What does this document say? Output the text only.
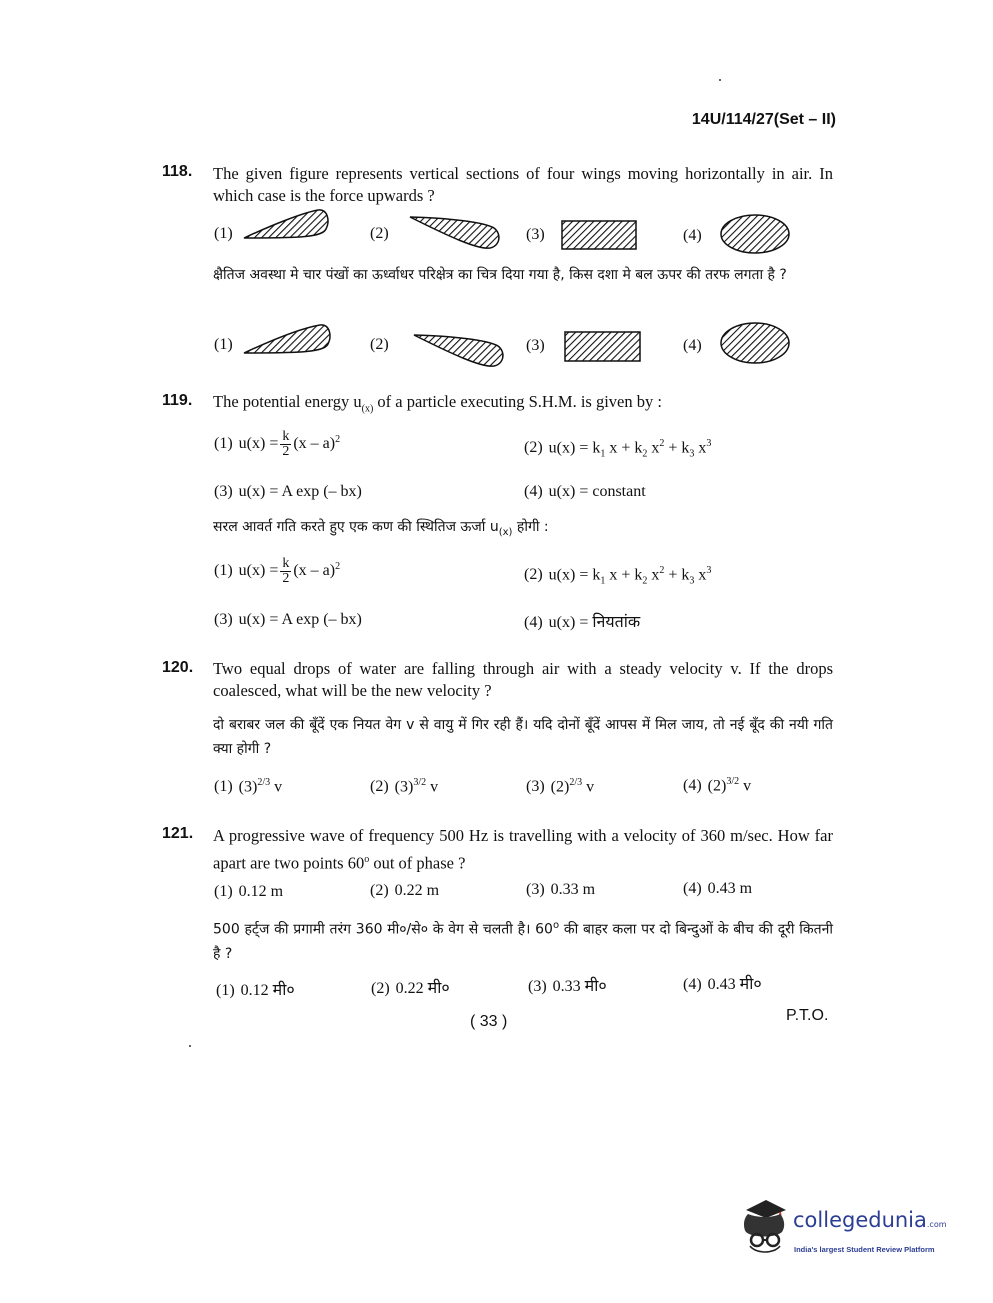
14U/114/27(Set – II)
118. The given figure represents vertical sections of four wings moving horizontally in air. In which case is the force upwards ?
(1)	(2)	(3)	(4)
क्षैतिज अवस्था मे चार पंखों का ऊर्ध्वाधर परिक्षेत्र का चित्र दिया गया है, किस दशा मे बल ऊपर की तरफ लगता है ?
(1)	(2)	(3)	(4)
119. The potential energy $u_{(x)}$ of a particle executing S.H.M. is given by :
(1) $u(x) = \frac{k}{2} (x - a)^2$	(2) $u(x) = k_1$ $x + k_2$ $x^2 + k_3$ $x^3$
(3) u(x) = A exp (– bx)	(4) u(x) = constant
सरल आवर्त गति करते हुए एक कण की स्थितिज ऊर्जा $u_{(x)}$ होगी :
(1) $u(x) = \frac{k}{2} (x - a)^2$	(2) $u(x) = k_1$ $x + k_2$ $x^2 + k_3$ $x^3$
(3) u(x) = A exp (– bx)	(4) u(x) = नियतांक
120. Two equal drops of water are falling through air with a steady velocity v. If the drops coalesced, what will be the new velocity ?
दो बराबर जल की बूँदें एक नियत वेग v से वायु में गिर रही हैं। यदि दोनों बूँदें आपस में मिल जाय, तो नई बूँद की नयी गति क्या होगी ?
(1) $(3)^{2/3}$ v	(2) $(3)^{3/2}$ v	(3) $(2)^{2/3}$ v	(4) $(2)^{3/2}$ v
121. A progressive wave of frequency 500 Hz is travelling with a velocity of 360 m/sec. How far apart are two points 60$^o$ out of phase ?
(1) 0.12 m	(2) 0.22 m	(3) 0.33 m	(4) 0.43 m
500 हर्ट्ज की प्रगामी तरंग 360 मी०/से० के वेग से चलती है। 60$^o$ की बाहर कला पर दो बिन्दुओं के बीच की दूरी कितनी है ?
(1) 0.12 मी०	(2) 0.22 मी०	(3) 0.33 मी०	(4) 0.43 मी०
( 33 )	P.T.O.
collegedunia.com
India's largest Student Review Platform
